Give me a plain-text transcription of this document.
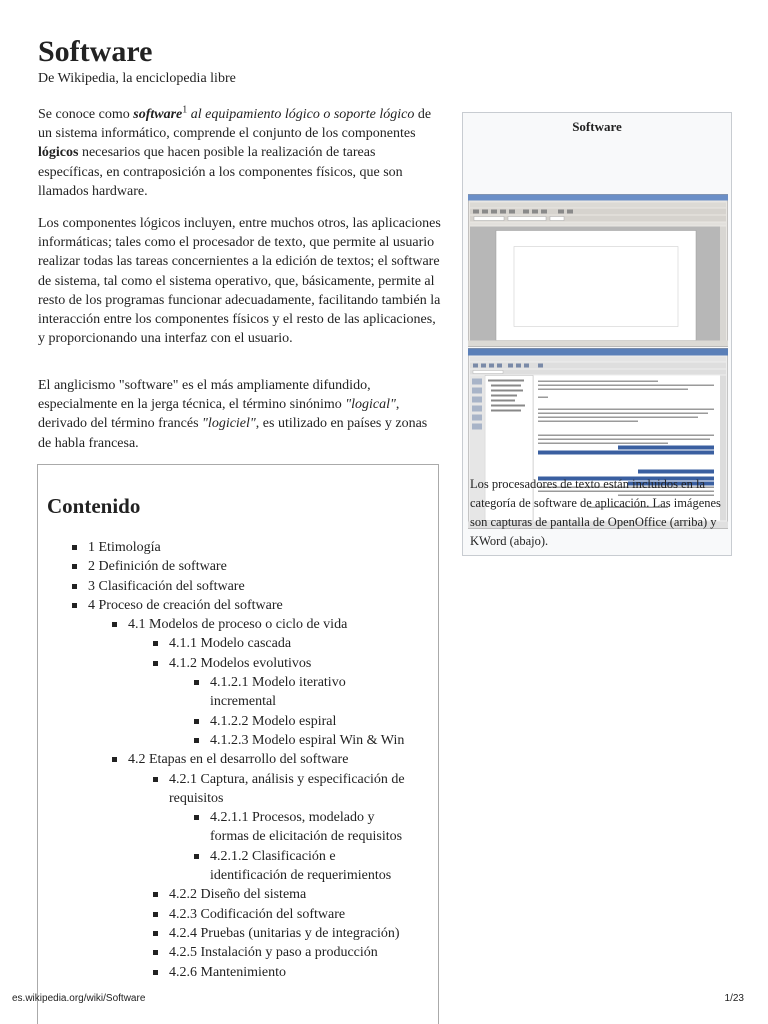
Software
De Wikipedia, la enciclopedia libre

Se conoce como software$^1$ al equipamiento lógico o soporte lógico de un sistema informático, comprende el conjunto de los componentes lógicos necesarios que hacen posible la realización de tareas específicas, en contraposición a los componentes físicos, que son llamados hardware.

Los componentes lógicos incluyen, entre muchos otros, las aplicaciones informáticas; tales como el procesador de texto, que permite al usuario realizar todas las tareas concernientes a la edición de textos; el software de sistema, tal como el sistema operativo, que, básicamente, permite al resto de los programas funcionar adecuadamente, facilitando también la interacción entre los componentes físicos y el resto de las aplicaciones, y proporcionando una interfaz con el usuario.

El anglicismo "software" es el más ampliamente difundido, especialmente en la jerga técnica, el término sinónimo "logical", derivado del término francés "logiciel", es utilizado en países y zonas de habla francesa.

Contenido
1 Etimología
2 Definición de software
3 Clasificación del software
4 Proceso de creación del software
4.1 Modelos de proceso o ciclo de vida
4.1.1 Modelo cascada
4.1.2 Modelos evolutivos
4.1.2.1 Modelo iterativo incremental
4.1.2.2 Modelo espiral
4.1.2.3 Modelo espiral Win & Win
4.2 Etapas en el desarrollo del software
4.2.1 Captura, análisis y especificación de requisitos
4.2.1.1 Procesos, modelado y formas de elicitación de requisitos
4.2.1.2 Clasificación e identificación de requerimientos
4.2.2 Diseño del sistema
4.2.3 Codificación del software
4.2.4 Pruebas (unitarias y de integración)
4.2.5 Instalación y paso a producción
4.2.6 Mantenimiento
Software
Los procesadores de texto están incluidos en la categoría de software de aplicación. Las imágenes son capturas de pantalla de OpenOffice (arriba) y KWord (abajo).
es.wikipedia.org/wiki/Software	1/23
